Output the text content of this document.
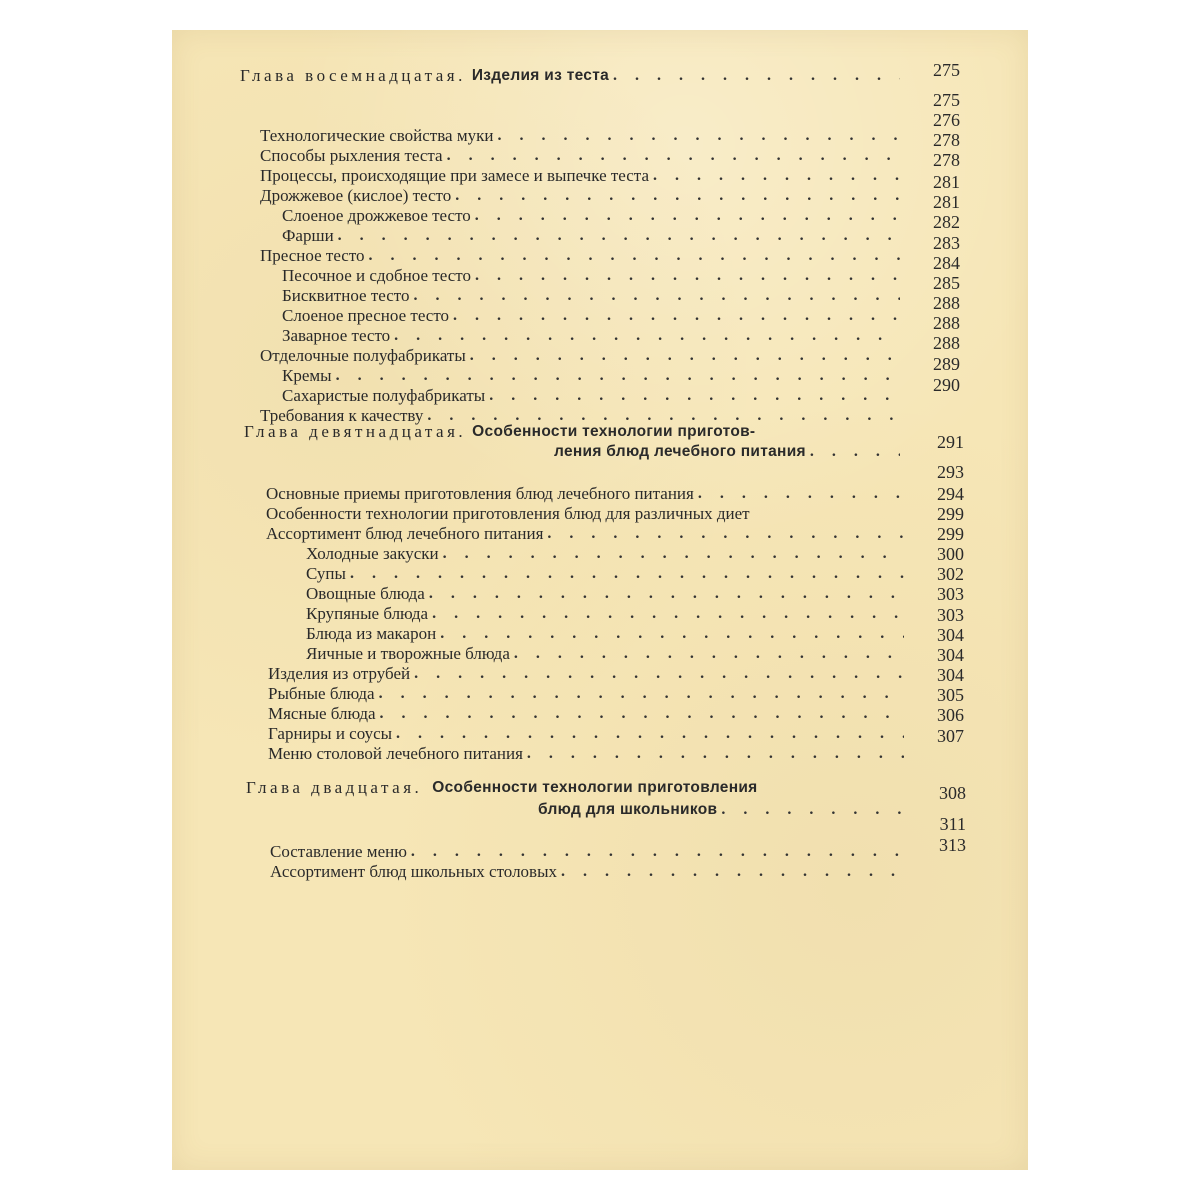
Глава восемнадцатая. Изделия из теста . . .	275
Технологические свойства муки
. . .
275
Способы рыхления теста
. . .
276
Процессы, происходящие при замесе и выпечке теста
. . .
278
Дрожжевое (кислое) тесто
. . .
278
Слоеное дрожжевое тесто
. . .
281
Фарши
. . .
281
Пресное тесто
. . .
282
Песочное и сдобное тесто
. . .
283
Бисквитное тесто
. . .
284
Слоеное пресное тесто
. . .
285
Заварное тесто
. . .
288
Отделочные полуфабрикаты
. . .
288
Кремы
. . .
288
Сахаристые полуфабрикаты
. . .
289
Требования к качеству
. . .
290
Глава девятнадцатая. Особенности технологии приготов-
ления блюд лечебного питания . . .	291
Основные приемы приготовления блюд лечебного питания
. . .
293
Особенности технологии приготовления блюд для различных диет
294
Ассортимент блюд лечебного питания
. . .
299
Холодные закуски
. . .
299
Супы
. . .
300
Овощные блюда
. . .
302
Крупяные блюда
. . .
303
Блюда из макарон
. . .
303
Яичные и творожные блюда
. . .
304
Изделия из отрубей
. . .
304
Рыбные блюда
. . .
304
Мясные блюда
. . .
305
Гарниры и соусы
. . .
306
Меню столовой лечебного питания
. . .
307
Глава двадцатая. Особенности технологии приготовления
блюд для школьников
. . .
308
Составление меню
. . .
311
Ассортимент блюд школьных столовых
. . .
313
